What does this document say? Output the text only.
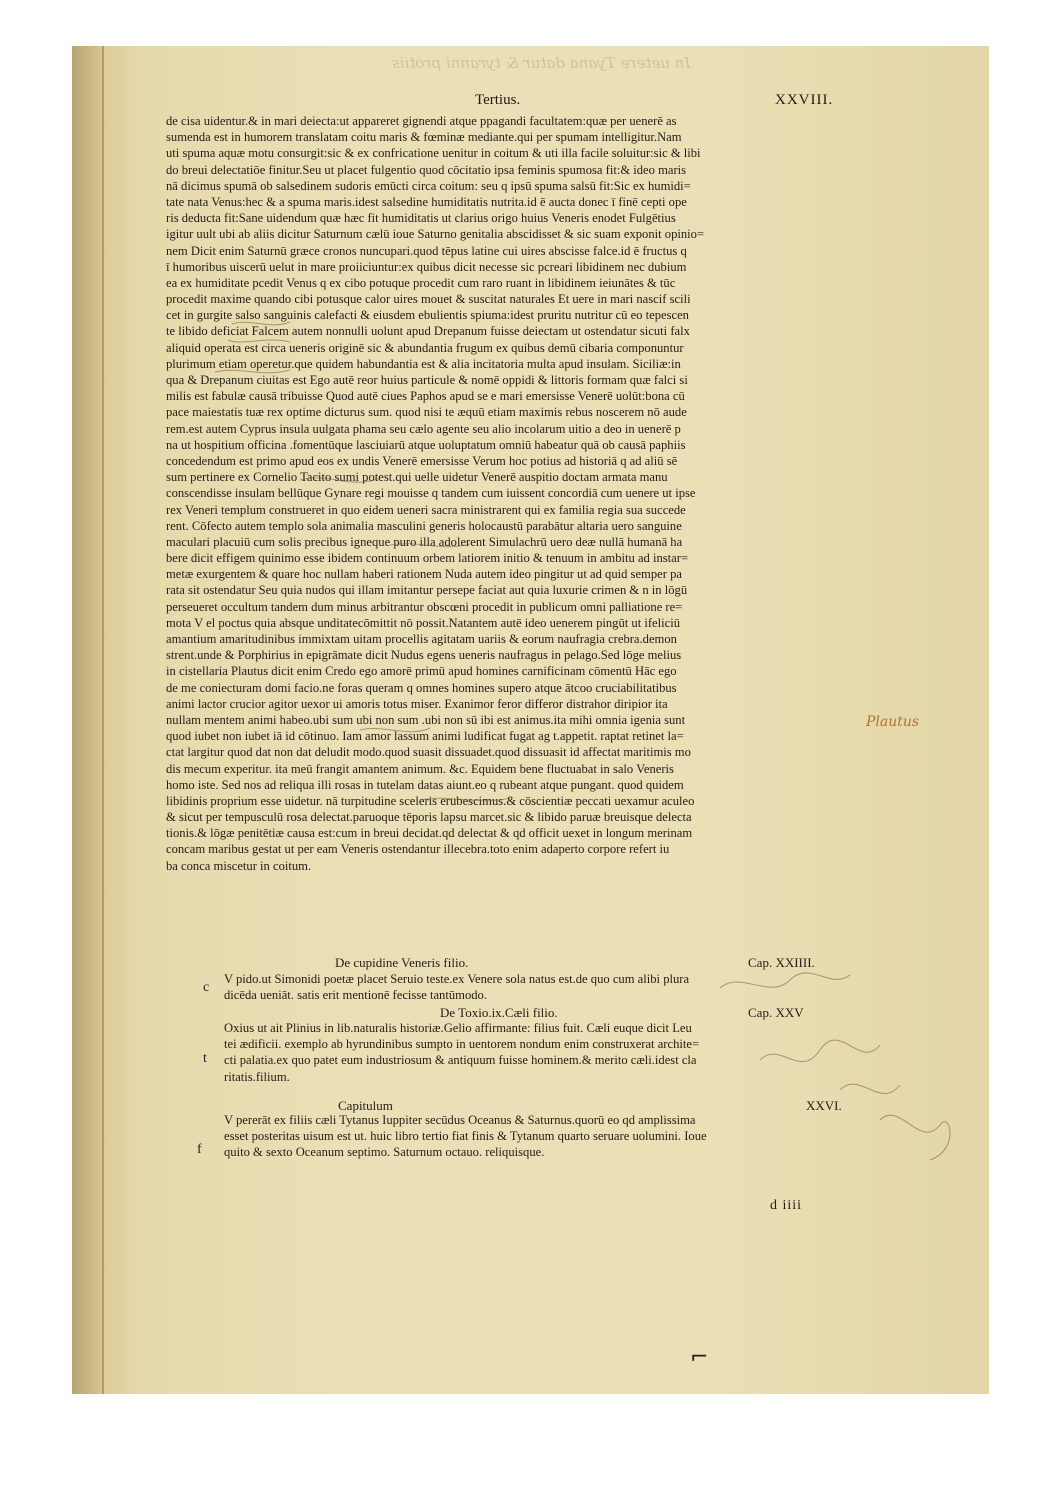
In uetere Tyana datur & tyranni protiis
Tertius.	XXVIII.
de cisa uidentur.& in mari deiecta:ut appareret gignendi atque ppagandi facultatem:quæ per uenerē as
sumenda est in humorem translatam coitu maris & fœminæ mediante.qui per spumam intelligitur.Nam
uti spuma aquæ motu consurgit:sic & ex confricatione uenitur in coitum & uti illa facile soluitur:sic & libi
do breui delectatiōe finitur.Seu ut placet fulgentio quod cōcitatio ipsa feminis spumosa fit:& ideo maris
nā dicimus spumā ob salsedinem sudoris emūcti circa coitum: seu q ipsū spuma salsū fit:Sic ex humidi=
tate nata Venus:hec & a spuma maris.idest salsedine humiditatis nutrita.id ē aucta donec ī finē cepti ope
ris deducta fit:Sane uidendum quæ hæc fit humiditatis ut clarius origo huius Veneris enodet Fulgētius
igitur uult ubi ab aliis dicitur Saturnum cælū ioue Saturno genitalia abscidisset & sic suam exponit opinio=
nem Dicit enim Saturnū græce cronos nuncupari.quod tēpus latine cui uires abscisse falce.id ē fructus q
ī humoribus uiscerū uelut in mare proiiciuntur:ex quibus dicit necesse sic pcreari libidinem nec dubium
ea ex humiditate pcedit Venus q ex cibo potuque procedit cum raro ruant in libidinem ieiunātes & tūc
procedit maxime quando cibi potusque calor uires mouet & suscitat naturales Et uere in mari nascif scili
cet in gurgite salso sanguinis calefacti & eiusdem ebulientis spiuma:idest pruritu nutritur cū eo tepescen
te libido deficiat Falcem autem nonnulli uolunt apud Drepanum fuisse deiectam ut ostendatur sicuti falx
aliquid operata est circa ueneris originē sic & abundantia frugum ex quibus demū cibaria componuntur
plurimum etiam operetur.que quidem habundantia est & alia incitatoria multa apud insulam. Siciliæ:in
qua & Drepanum ciuitas est Ego autē reor huius particule & nomē oppidi & littoris formam quæ falci si
milis est fabulæ causā tribuisse Quod autē ciues Paphos apud se e mari emersisse Venerē uolūt:bona cū
pace maiestatis tuæ rex optime dicturus sum. quod nisi te æquū etiam maximis rebus noscerem nō aude
rem.est autem Cyprus insula uulgata phama seu cælo agente seu alio incolarum uitio a deo in uenerē p
na ut hospitium officina .fomentūque lasciuiarū atque uoluptatum omniū habeatur quā ob causā paphiis
concedendum est primo apud eos ex undis Venerē emersisse Verum hoc potius ad historiā q ad aliū sē
sum pertinere ex Cornelio Tacito sumi potest.qui uelle uidetur Venerē auspitio doctam armata manu
conscendisse insulam bellūque Gynare regi mouisse q tandem cum iuissent concordiā cum uenere ut ipse
rex Veneri templum construeret in quo eidem ueneri sacra ministrarent qui ex familia regia sua succede
rent. Cōfecto autem templo sola animalia masculini generis holocaustū parabātur altaria uero sanguine
maculari placuiū cum solis precibus igneque puro illa adolerent Simulachrū uero deæ nullā humanā ha
bere dicit effigem quinimo esse ibidem continuum orbem latiorem initio & tenuum in ambitu ad instar=
metæ exurgentem & quare hoc nullam haberi rationem Nuda autem ideo pingitur ut ad quid semper pa
rata sit ostendatur Seu quia nudos qui illam imitantur persepe faciat aut quia luxurie crimen & n in lōgū
perseueret occultum tandem dum minus arbitrantur obscœni procedit in publicum omni palliatione re=
mota V el poctus quia absque unditatecōmittit nō possit.Natantem autē ideo uenerem pingūt ut ifeliciū
amantium amaritudinibus immixtam uitam procellis agitatam uariis & eorum naufragia crebra.demon
strent.unde & Porphirius in epigrāmate dicit Nudus egens ueneris naufragus in pelago.Sed lōge melius
in cistellaria Plautus dicit enim Credo ego amorē primū apud homines carnificinam cōmentū Hāc ego
de me coniecturam domi facio.ne foras queram q omnes homines supero atque ātcoo cruciabilitatibus
animi lactor crucior agitor uexor ui amoris totus miser. Exanimor feror differor distrahor diripior ita
nullam mentem animi habeo.ubi sum ubi non sum .ubi non sū ibi est animus.ita mihi omnia igenia sunt
quod iubet non iubet iā id cōtinuo. Iam amor lassum animi ludificat fugat ag t.appetit. raptat retinet la=
ctat largitur quod dat non dat deludit modo.quod suasit dissuadet.quod dissuasit id affectat maritimis mo
dis mecum experitur. ita meū frangit amantem animum. &c. Equidem bene fluctuabat in salo Veneris
homo iste. Sed nos ad reliqua illi rosas in tutelam datas aiunt.eo q rubeant atque pungant. quod quidem
libidinis proprium esse uidetur. nā turpitudine sceleris erubescimus.& cōscientiæ peccati uexamur aculeo
& sicut per tempusculū rosa delectat.paruoque tēporis lapsu marcet.sic & libido paruæ breuisque delecta
tionis.& lōgæ penitētiæ causa est:cum in breui decidat.qd delectat & qd officit uexet in longum merinam
concam maribus gestat ut per eam Veneris ostendantur illecebra.toto enim adaperto corpore refert iu
ba conca miscetur in coitum.
De cupidine Veneris filio.	Cap. XXIIII.
c
V pido.ut Simonidi poetæ placet Seruio teste.ex Venere sola natus est.de quo cum alibi plura
dicēda ueniāt. satis erit mentionē fecisse tantūmodo.
De Toxio.ix.Cæli filio.	Cap. XXV
t
Oxius ut ait Plinius in lib.naturalis historiæ.Gelio affirmante: filius fuit. Cæli euque dicit Leu
tei ædificii. exemplo ab hyrundinibus sumpto in uentorem nondum enim construxerat archite=
cti palatia.ex quo patet eum industriosum & antiquum fuisse hominem.& merito cæli.idest cla
ritatis.filium.
Capitulum	XXVI.
f
V pererāt ex filiis cæli Tytanus Iuppiter secūdus Oceanus & Saturnus.quorū eo qd amplissima
esset posteritas uisum est ut. huic libro tertio fiat finis & Tytanum quarto seruare uolumini. Ioue
quito & sexto Oceanum septimo. Saturnum octauo. reliquisque.
Plautus
d iiii
⌐
